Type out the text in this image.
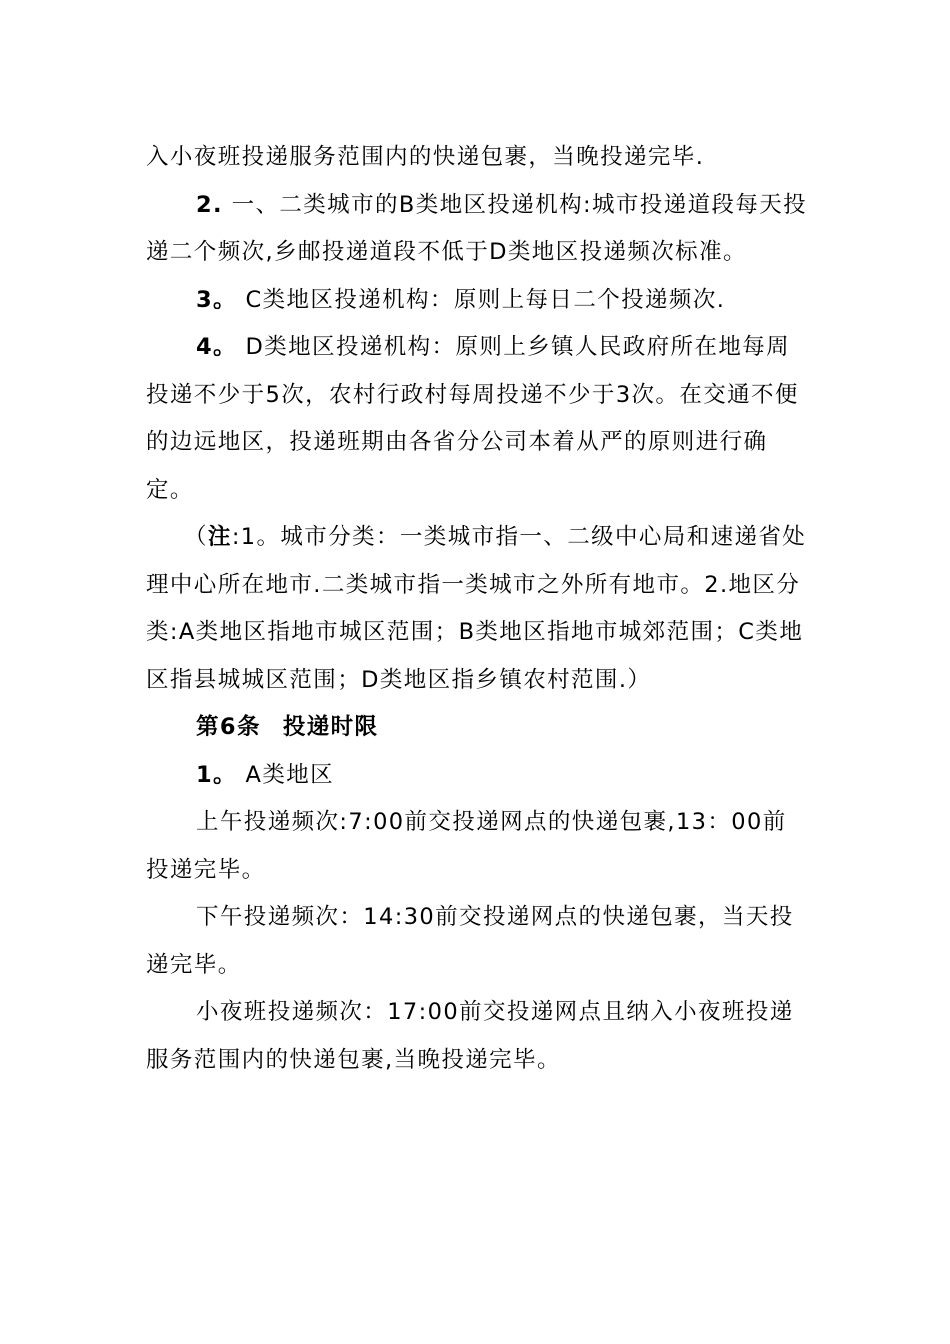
入小夜班投递服务范围内的快递包裹，当晚投递完毕.

2. 一、二类城市的B类地区投递机构:城市投递道段每天投递二个频次,乡邮投递道段不低于D类地区投递频次标准。

3。 C类地区投递机构：原则上每日二个投递频次.

4。 D类地区投递机构：原则上乡镇人民政府所在地每周投递不少于5次，农村行政村每周投递不少于3次。在交通不便的边远地区，投递班期由各省分公司本着从严的原则进行确定。

（注:1。城市分类：一类城市指一、二级中心局和速递省处理中心所在地市.二类城市指一类城市之外所有地市。2.地区分类:A类地区指地市城区范围；B类地区指地市城郊范围；C类地区指县城城区范围；D类地区指乡镇农村范围.）

第6条 投递时限

1。 A类地区

上午投递频次:7:00前交投递网点的快递包裹,13：00前投递完毕。

下午投递频次：14:30前交投递网点的快递包裹，当天投递完毕。

小夜班投递频次：17:00前交投递网点且纳入小夜班投递服务范围内的快递包裹,当晚投递完毕。
